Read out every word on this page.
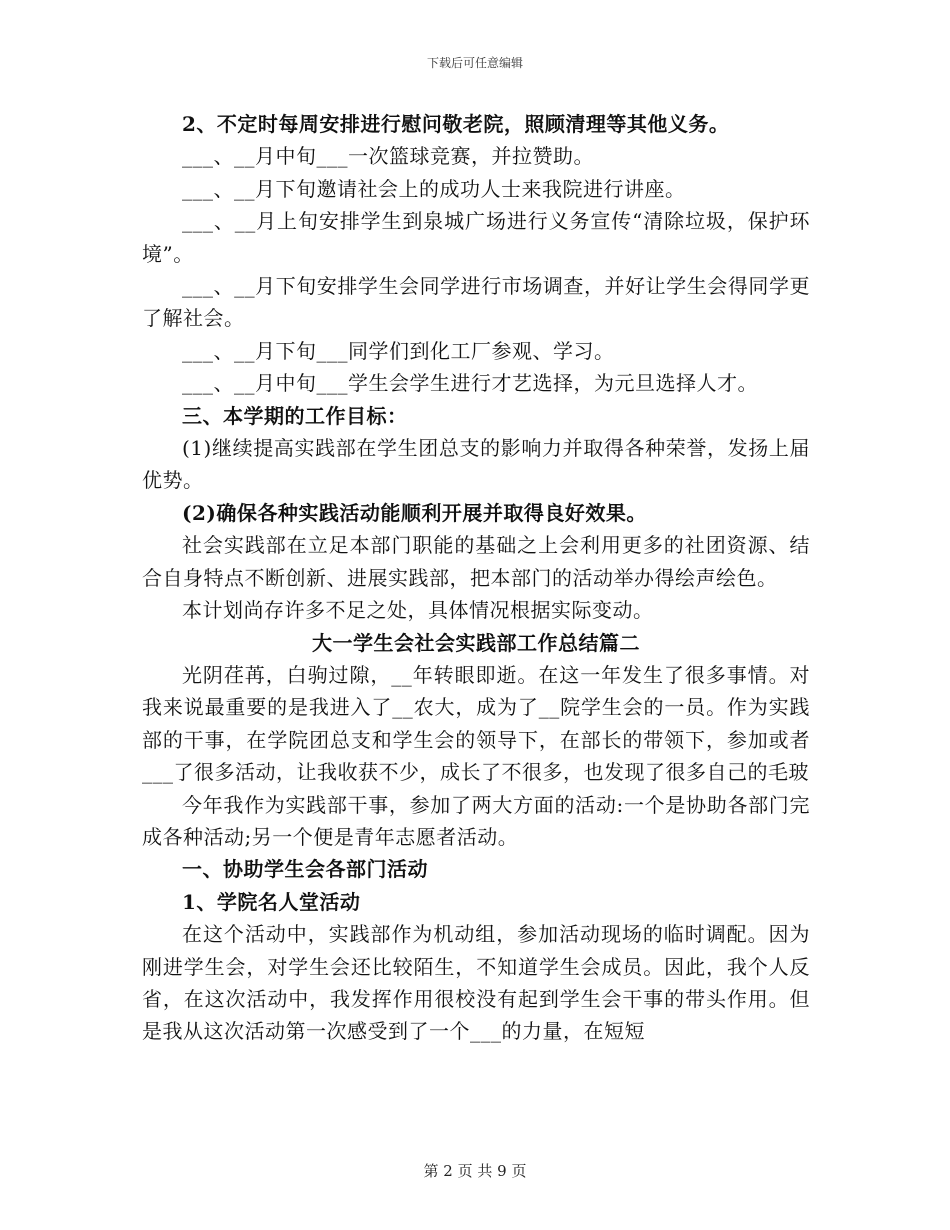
下载后可任意编辑

2、不定时每周安排进行慰问敬老院，照顾清理等其他义务。

___、__月中旬___一次篮球竞赛，并拉赞助。

___、__月下旬邀请社会上的成功人士来我院进行讲座。

___、__月上旬安排学生到泉城广场进行义务宣传“清除垃圾，保护环境”。

___、__月下旬安排学生会同学进行市场调查，并好让学生会得同学更了解社会。

___、__月下旬___同学们到化工厂参观、学习。

___、__月中旬___学生会学生进行才艺选择，为元旦选择人才。

三、本学期的工作目标：

(1)继续提高实践部在学生团总支的影响力并取得各种荣誉，发扬上届优势。

(2)确保各种实践活动能顺利开展并取得良好效果。

社会实践部在立足本部门职能的基础之上会利用更多的社团资源、结合自身特点不断创新、进展实践部，把本部门的活动举办得绘声绘色。

本计划尚存许多不足之处，具体情况根据实际变动。

大一学生会社会实践部工作总结篇二

光阴荏苒，白驹过隙，__年转眼即逝。在这一年发生了很多事情。对我来说最重要的是我进入了__农大，成为了__院学生会的一员。作为实践部的干事，在学院团总支和学生会的领导下，在部长的带领下，参加或者___了很多活动，让我收获不少，成长了不很多，也发现了很多自己的毛玻

今年我作为实践部干事，参加了两大方面的活动:一个是协助各部门完成各种活动;另一个便是青年志愿者活动。

一、协助学生会各部门活动

1、学院名人堂活动

在这个活动中，实践部作为机动组，参加活动现场的临时调配。因为刚进学生会，对学生会还比较陌生，不知道学生会成员。因此，我个人反省，在这次活动中，我发挥作用很校没有起到学生会干事的带头作用。但是我从这次活动第一次感受到了一个___的力量，在短短

第 2 页 共 9 页
